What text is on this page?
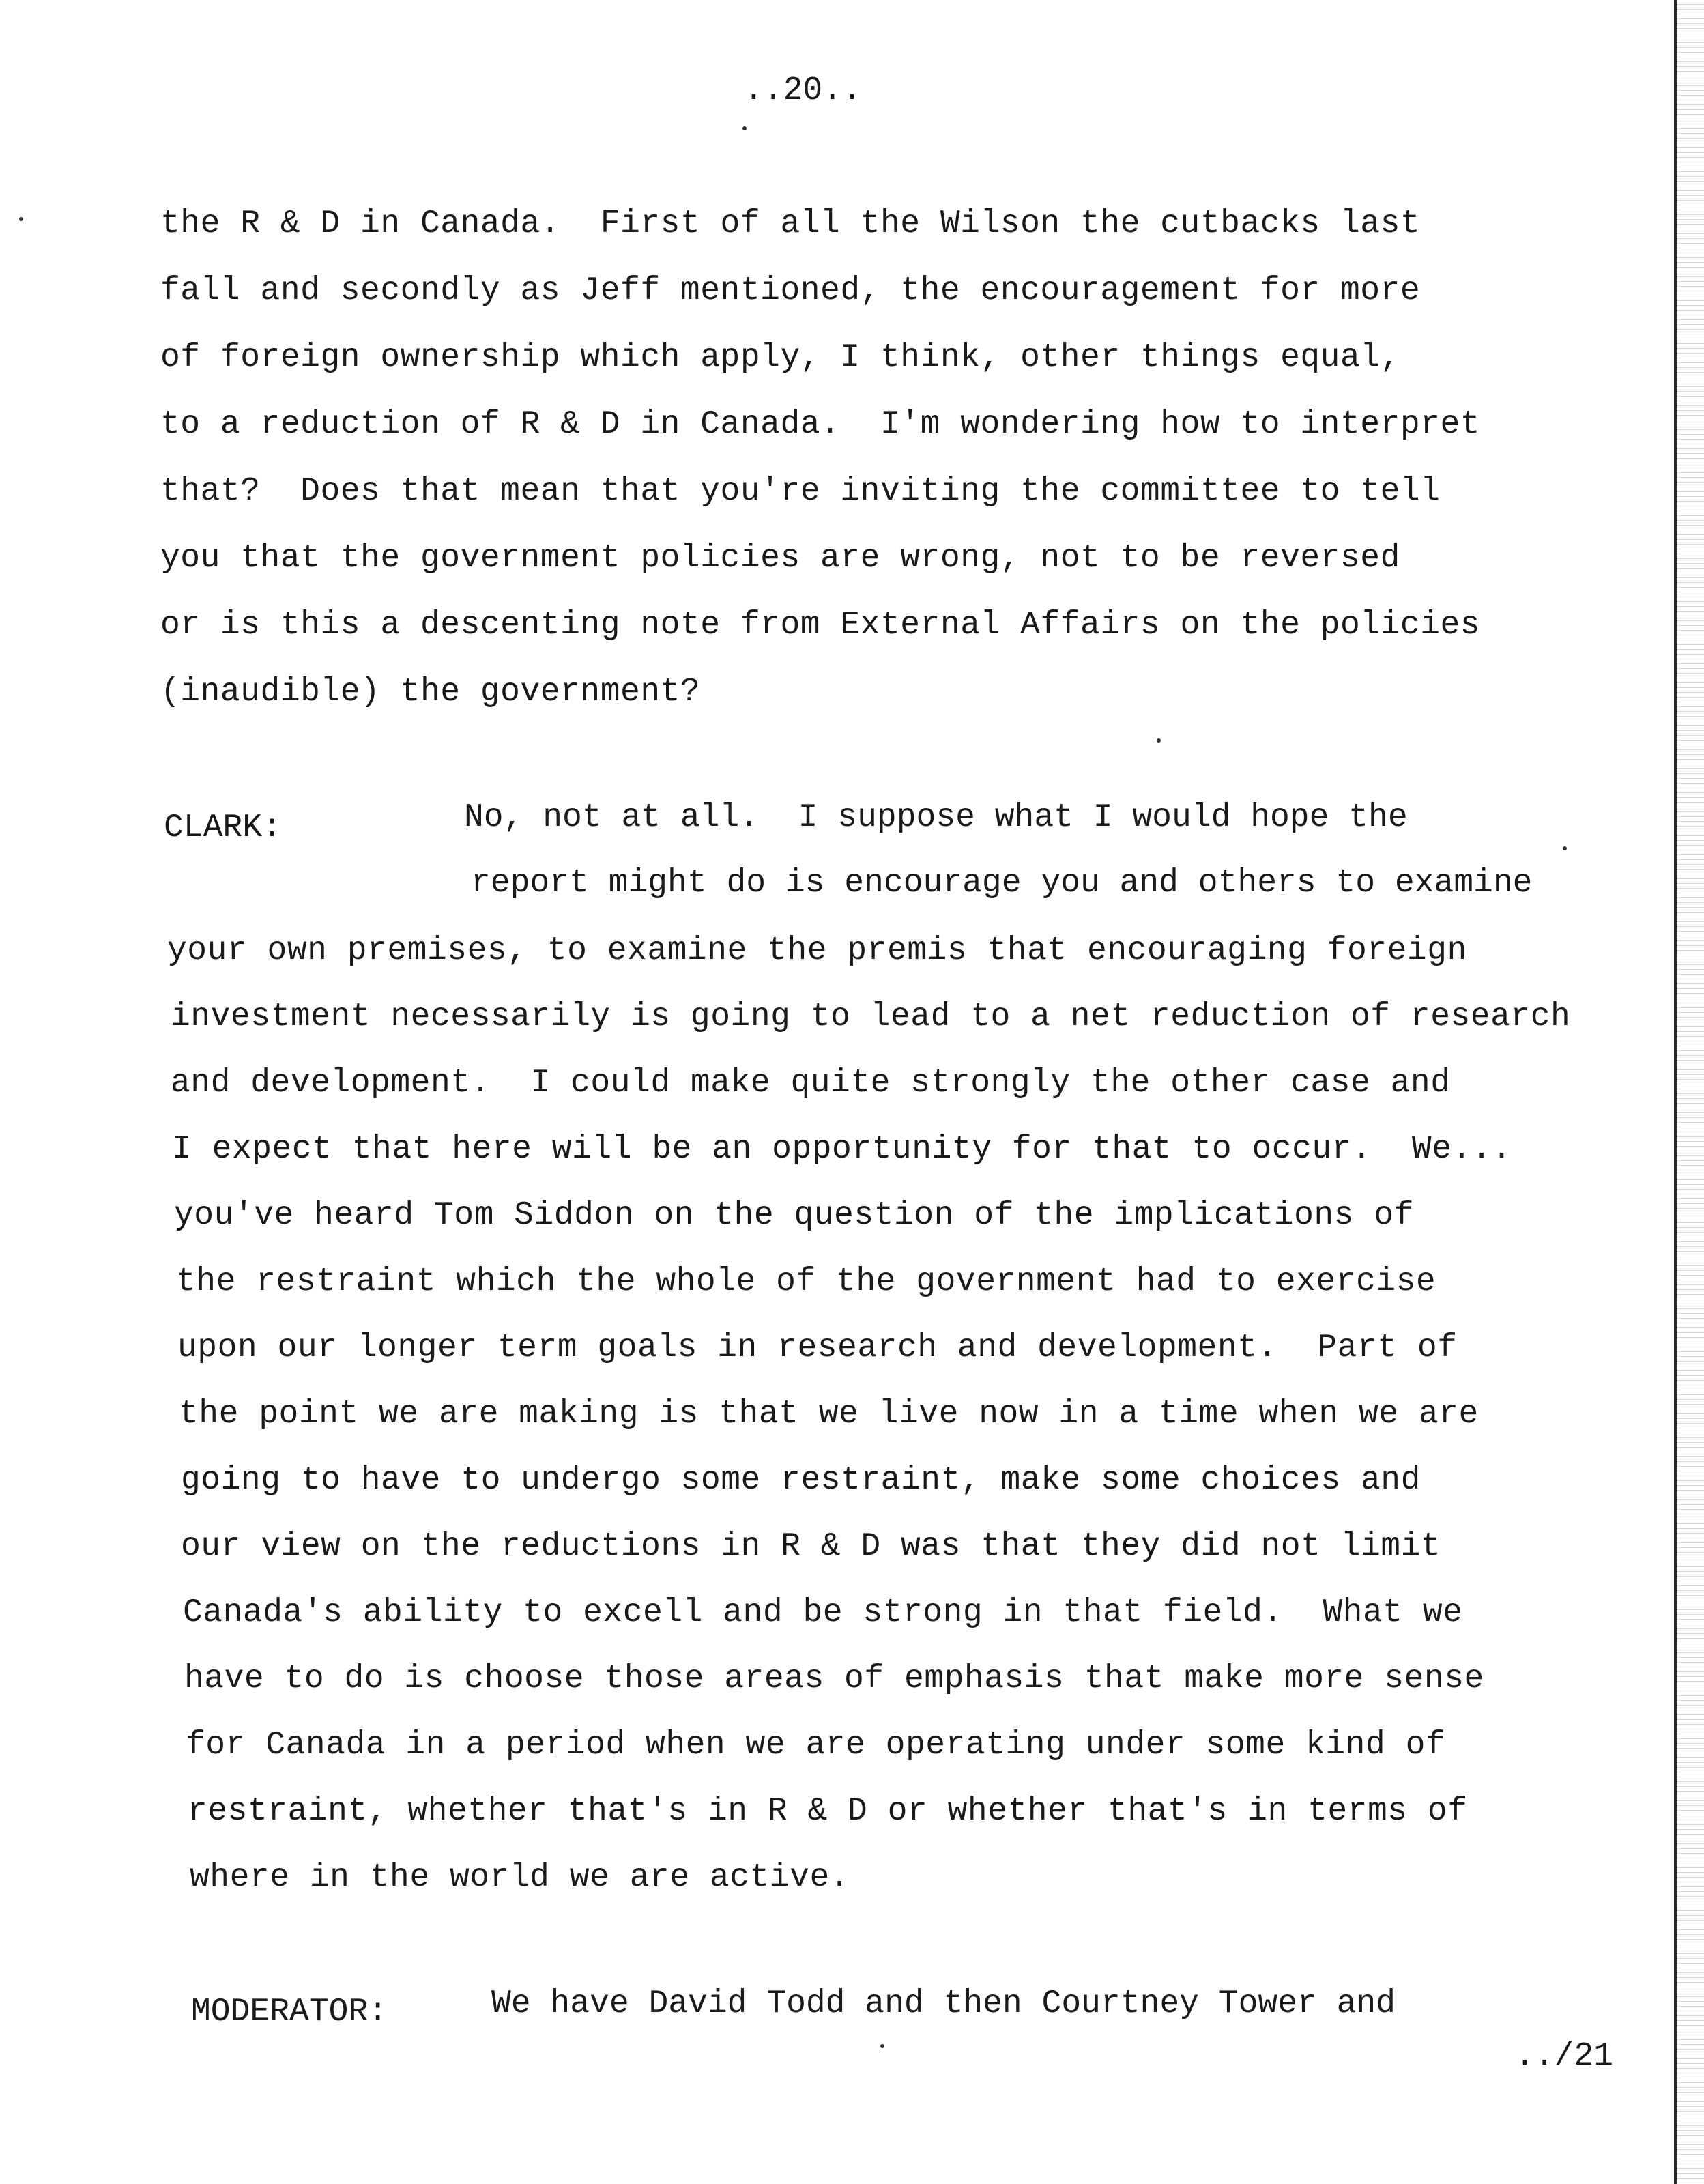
..20..
the R & D in Canada.  First of all the Wilson the cutbacks last
fall and secondly as Jeff mentioned, the encouragement for more
of foreign ownership which apply, I think, other things equal,
to a reduction of R & D in Canada.  I'm wondering how to interpret
that?  Does that mean that you're inviting the committee to tell
you that the government policies are wrong, not to be reversed
or is this a descenting note from External Affairs on the policies
(inaudible) the government?
CLARK:	No, not at all.  I suppose what I would hope the
report might do is encourage you and others to examine
your own premises, to examine the premis that encouraging foreign
investment necessarily is going to lead to a net reduction of research
and development.  I could make quite strongly the other case and
I expect that here will be an opportunity for that to occur.  We...
you've heard Tom Siddon on the question of the implications of
the restraint which the whole of the government had to exercise
upon our longer term goals in research and development.  Part of
the point we are making is that we live now in a time when we are
going to have to undergo some restraint, make some choices and
our view on the reductions in R & D was that they did not limit
Canada's ability to excell and be strong in that field.  What we
have to do is choose those areas of emphasis that make more sense
for Canada in a period when we are operating under some kind of
restraint, whether that's in R & D or whether that's in terms of
where in the world we are active.
MODERATOR:	We have David Todd and then Courtney Tower and
../21
